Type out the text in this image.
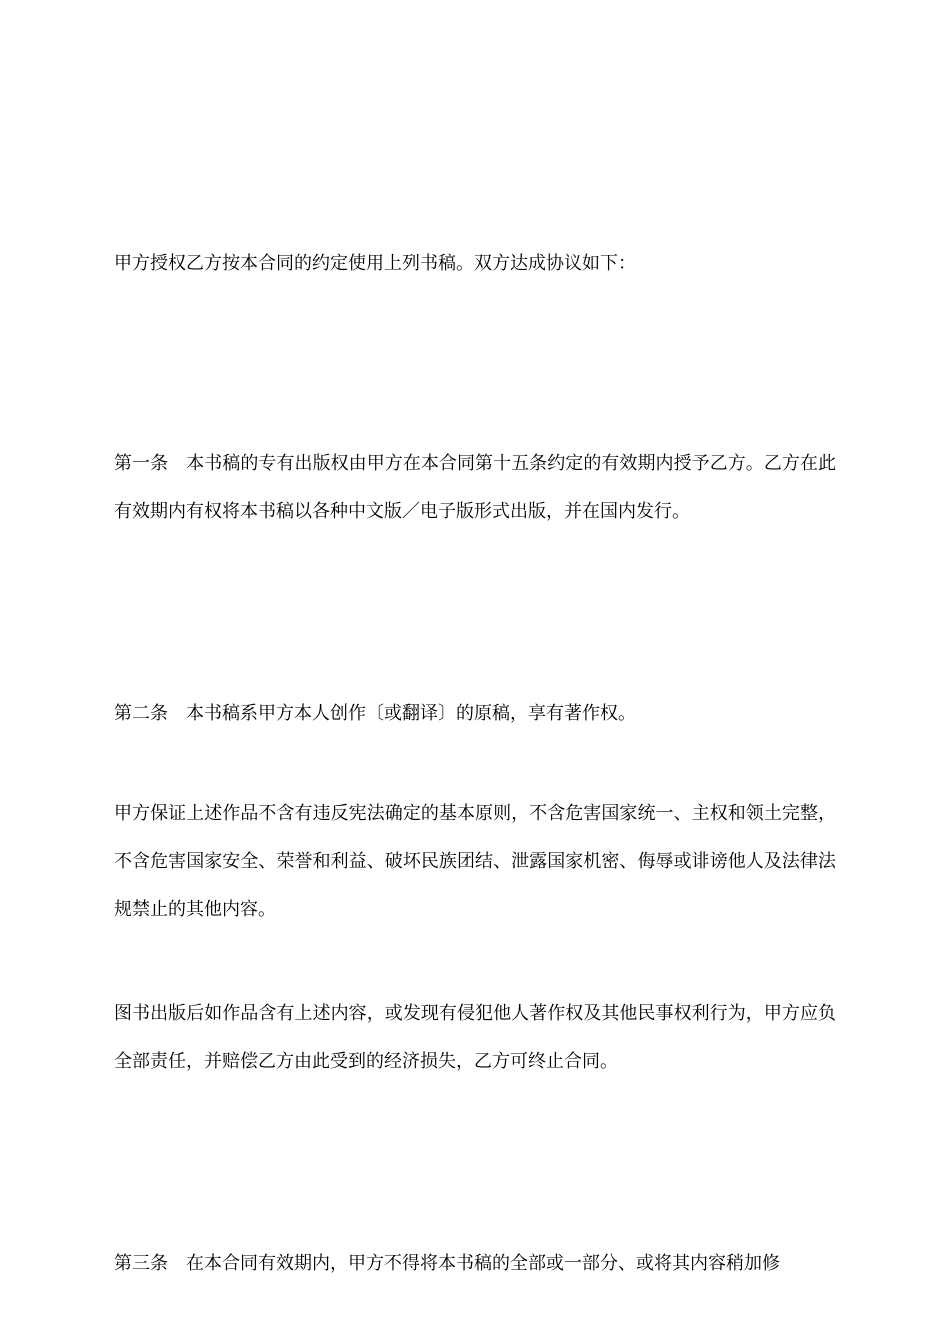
甲方授权乙方按本合同的约定使用上列书稿。双方达成协议如下：

第一条　本书稿的专有出版权由甲方在本合同第十五条约定的有效期内授予乙方。乙方在此有效期内有权将本书稿以各种中文版／电子版形式出版，并在国内发行。

第二条　本书稿系甲方本人创作〔或翻译〕的原稿，享有著作权。

甲方保证上述作品不含有违反宪法确定的基本原则，不含危害国家统一、主权和领土完整，不含危害国家安全、荣誉和利益、破坏民族团结、泄露国家机密、侮辱或诽谤他人及法律法规禁止的其他内容。

图书出版后如作品含有上述内容，或发现有侵犯他人著作权及其他民事权利行为，甲方应负全部责任，并赔偿乙方由此受到的经济损失，乙方可终止合同。

第三条　在本合同有效期内，甲方不得将本书稿的全部或一部分、或将其内容稍加修
